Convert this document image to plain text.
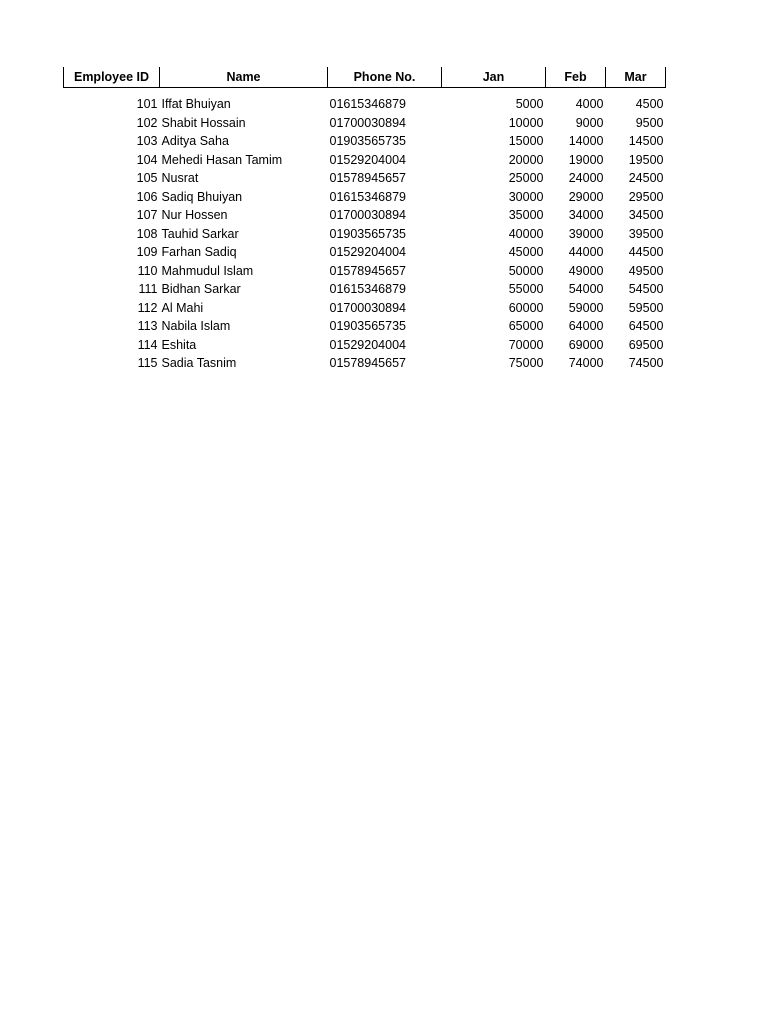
Employee ID	Name	Phone No.	Jan	Feb	Mar

101	Iffat Bhuiyan	01615346879	5000	4000	4500
102	Shabit Hossain	01700030894	10000	9000	9500
103	Aditya Saha	01903565735	15000	14000	14500
104	Mehedi Hasan Tamim	01529204004	20000	19000	19500
105	Nusrat	01578945657	25000	24000	24500
106	Sadiq Bhuiyan	01615346879	30000	29000	29500
107	Nur Hossen	01700030894	35000	34000	34500
108	Tauhid Sarkar	01903565735	40000	39000	39500
109	Farhan Sadiq	01529204004	45000	44000	44500
110	Mahmudul Islam	01578945657	50000	49000	49500
111	Bidhan Sarkar	01615346879	55000	54000	54500
112	Al Mahi	01700030894	60000	59000	59500
113	Nabila Islam	01903565735	65000	64000	64500
114	Eshita	01529204004	70000	69000	69500
115	Sadia Tasnim	01578945657	75000	74000	74500
